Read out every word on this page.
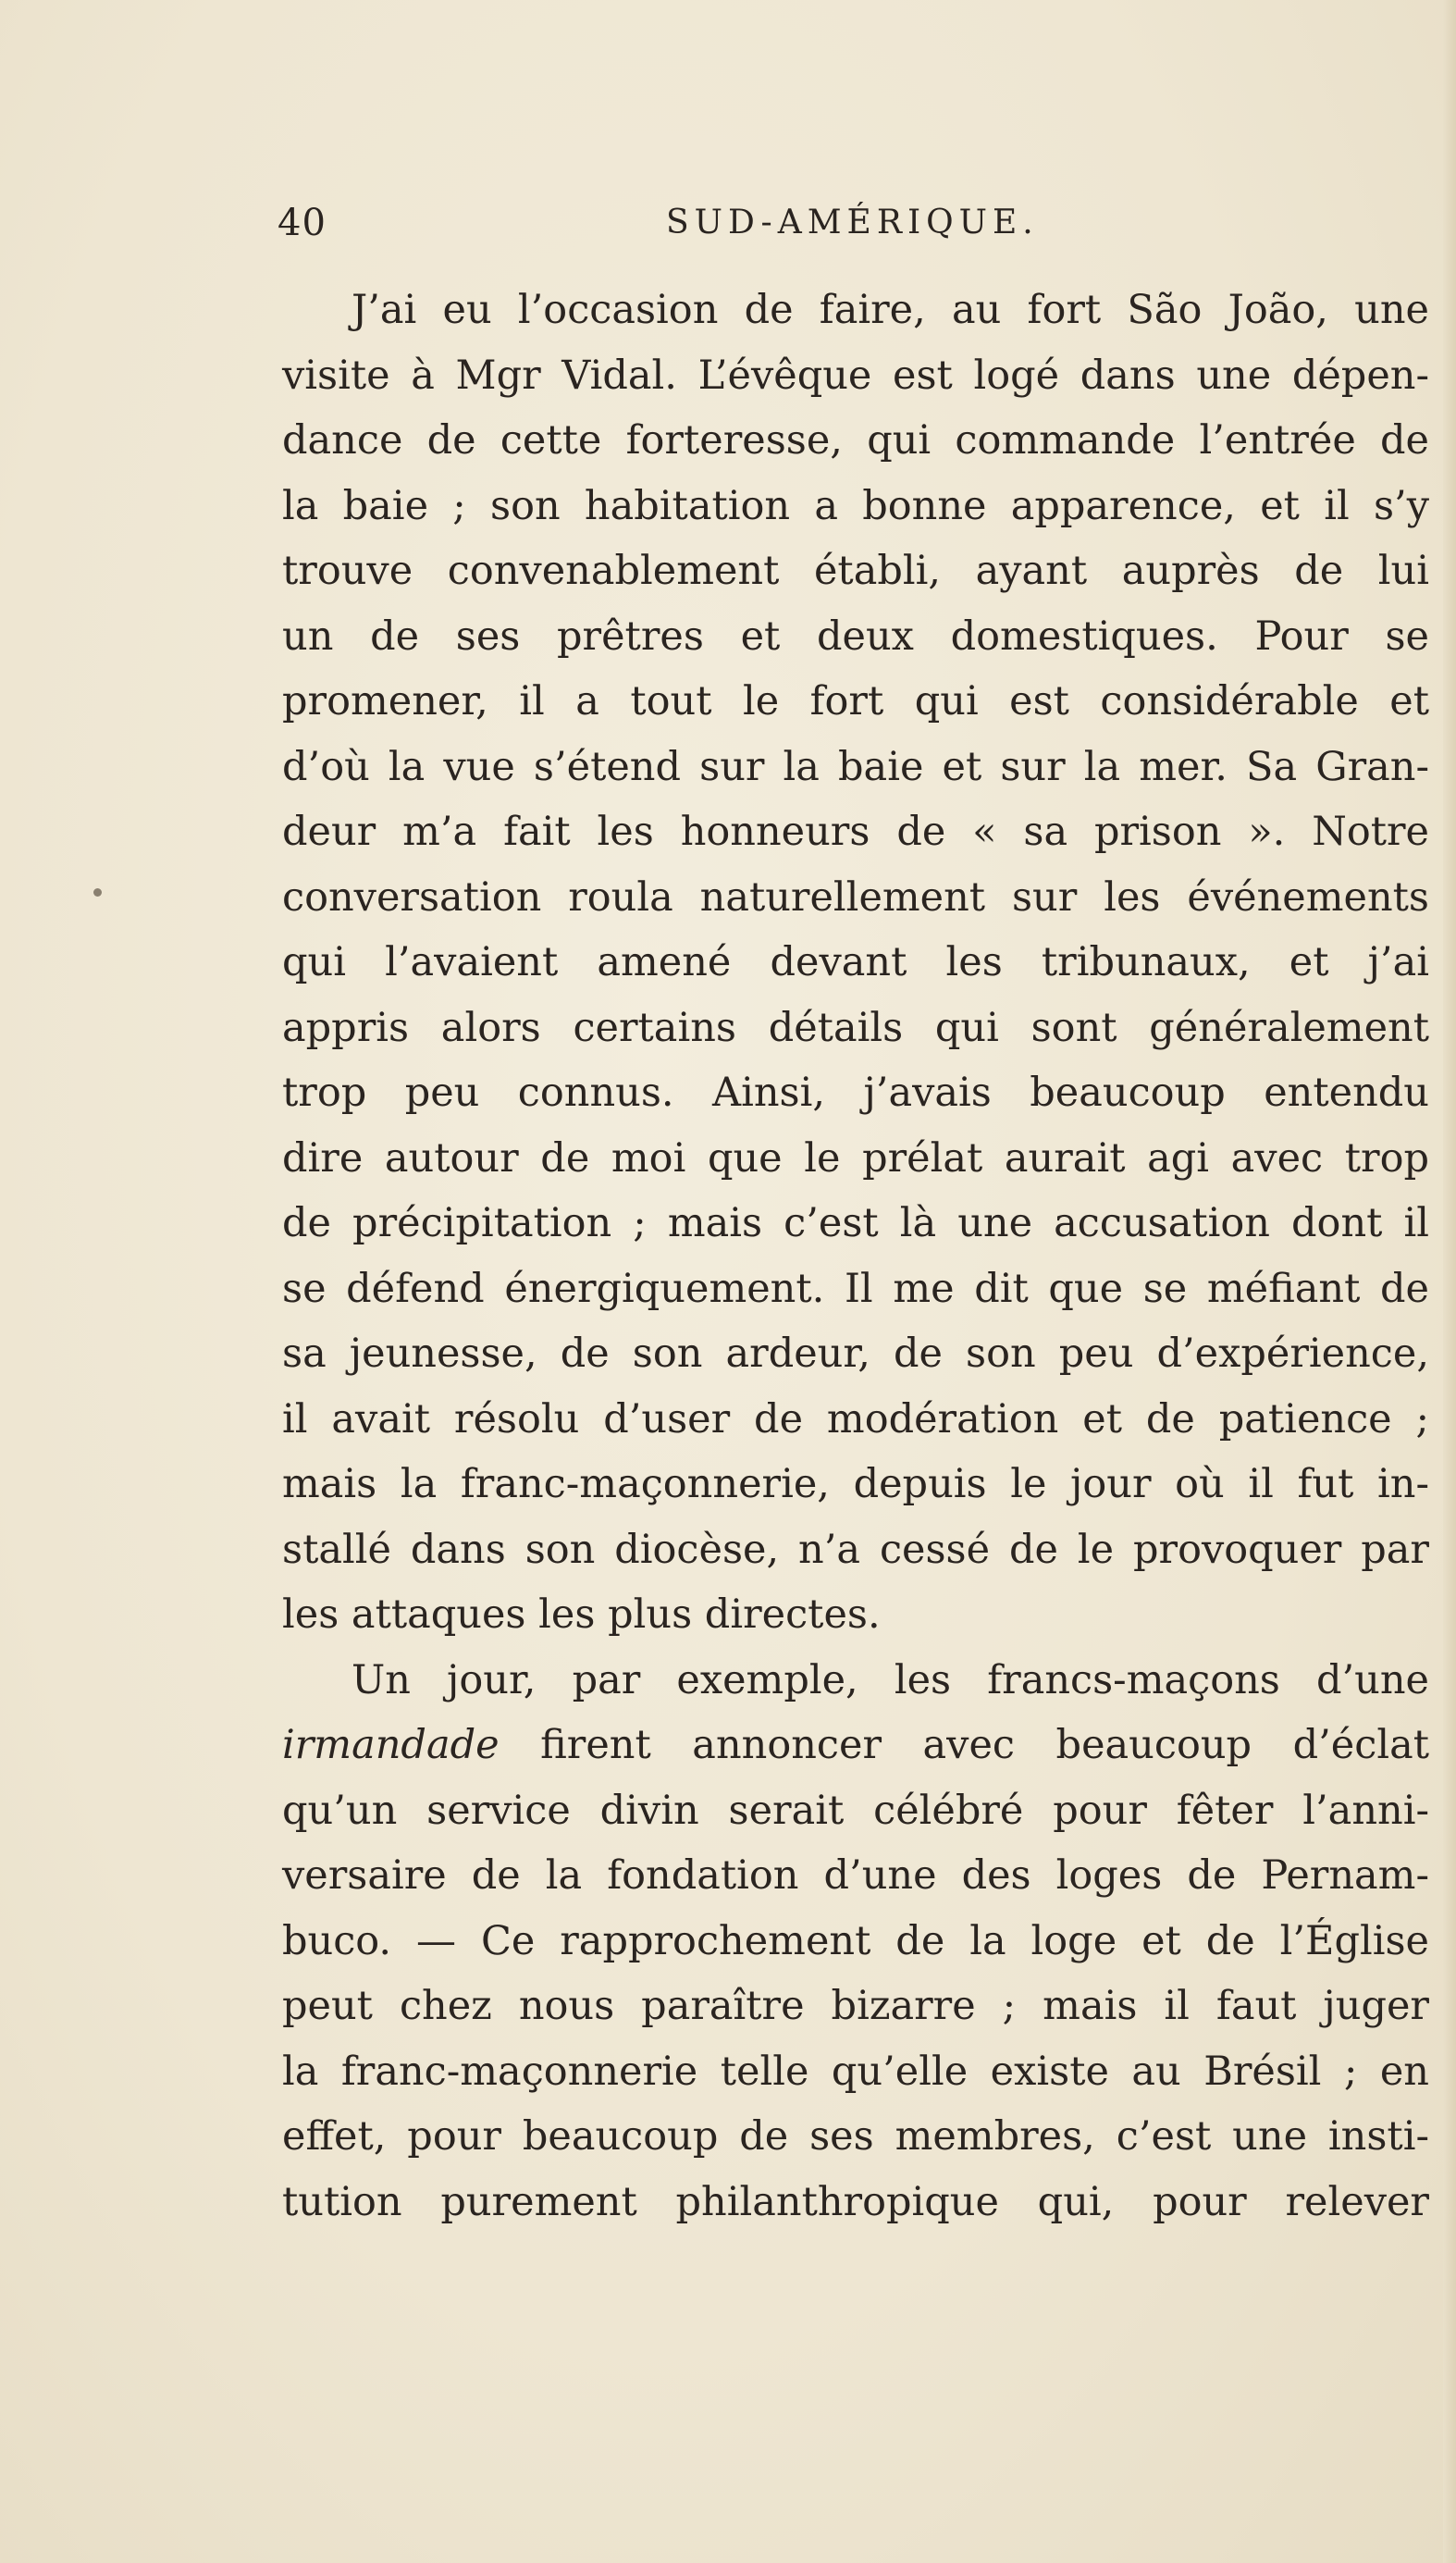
40	SUD-AMÉRIQUE.
J’ai eu l’occasion de faire, au fort São João, une
visite à Mgr Vidal. L’évêque est logé dans une dépen-
dance de cette forteresse, qui commande l’entrée de
la baie ; son habitation a bonne apparence, et il s’y
trouve convenablement établi, ayant auprès de lui
un de ses prêtres et deux domestiques. Pour se
promener, il a tout le fort qui est considérable et
d’où la vue s’étend sur la baie et sur la mer. Sa Gran-
deur m’a fait les honneurs de « sa prison ». Notre
conversation roula naturellement sur les événements
qui l’avaient amené devant les tribunaux, et j’ai
appris alors certains détails qui sont généralement
trop peu connus. Ainsi, j’avais beaucoup entendu
dire autour de moi que le prélat aurait agi avec trop
de précipitation ; mais c’est là une accusation dont il
se défend énergiquement. Il me dit que se méfiant de
sa jeunesse, de son ardeur, de son peu d’expérience,
il avait résolu d’user de modération et de patience ;
mais la franc-maçonnerie, depuis le jour où il fut in-
stallé dans son diocèse, n’a cessé de le provoquer par
les attaques les plus directes.
Un jour, par exemple, les francs-maçons d’une
irmandade firent annoncer avec beaucoup d’éclat
qu’un service divin serait célébré pour fêter l’anni-
versaire de la fondation d’une des loges de Pernam-
buco. — Ce rapprochement de la loge et de l’Église
peut chez nous paraître bizarre ; mais il faut juger
la franc-maçonnerie telle qu’elle existe au Brésil ; en
effet, pour beaucoup de ses membres, c’est une insti-
tution purement philanthropique qui, pour relever
